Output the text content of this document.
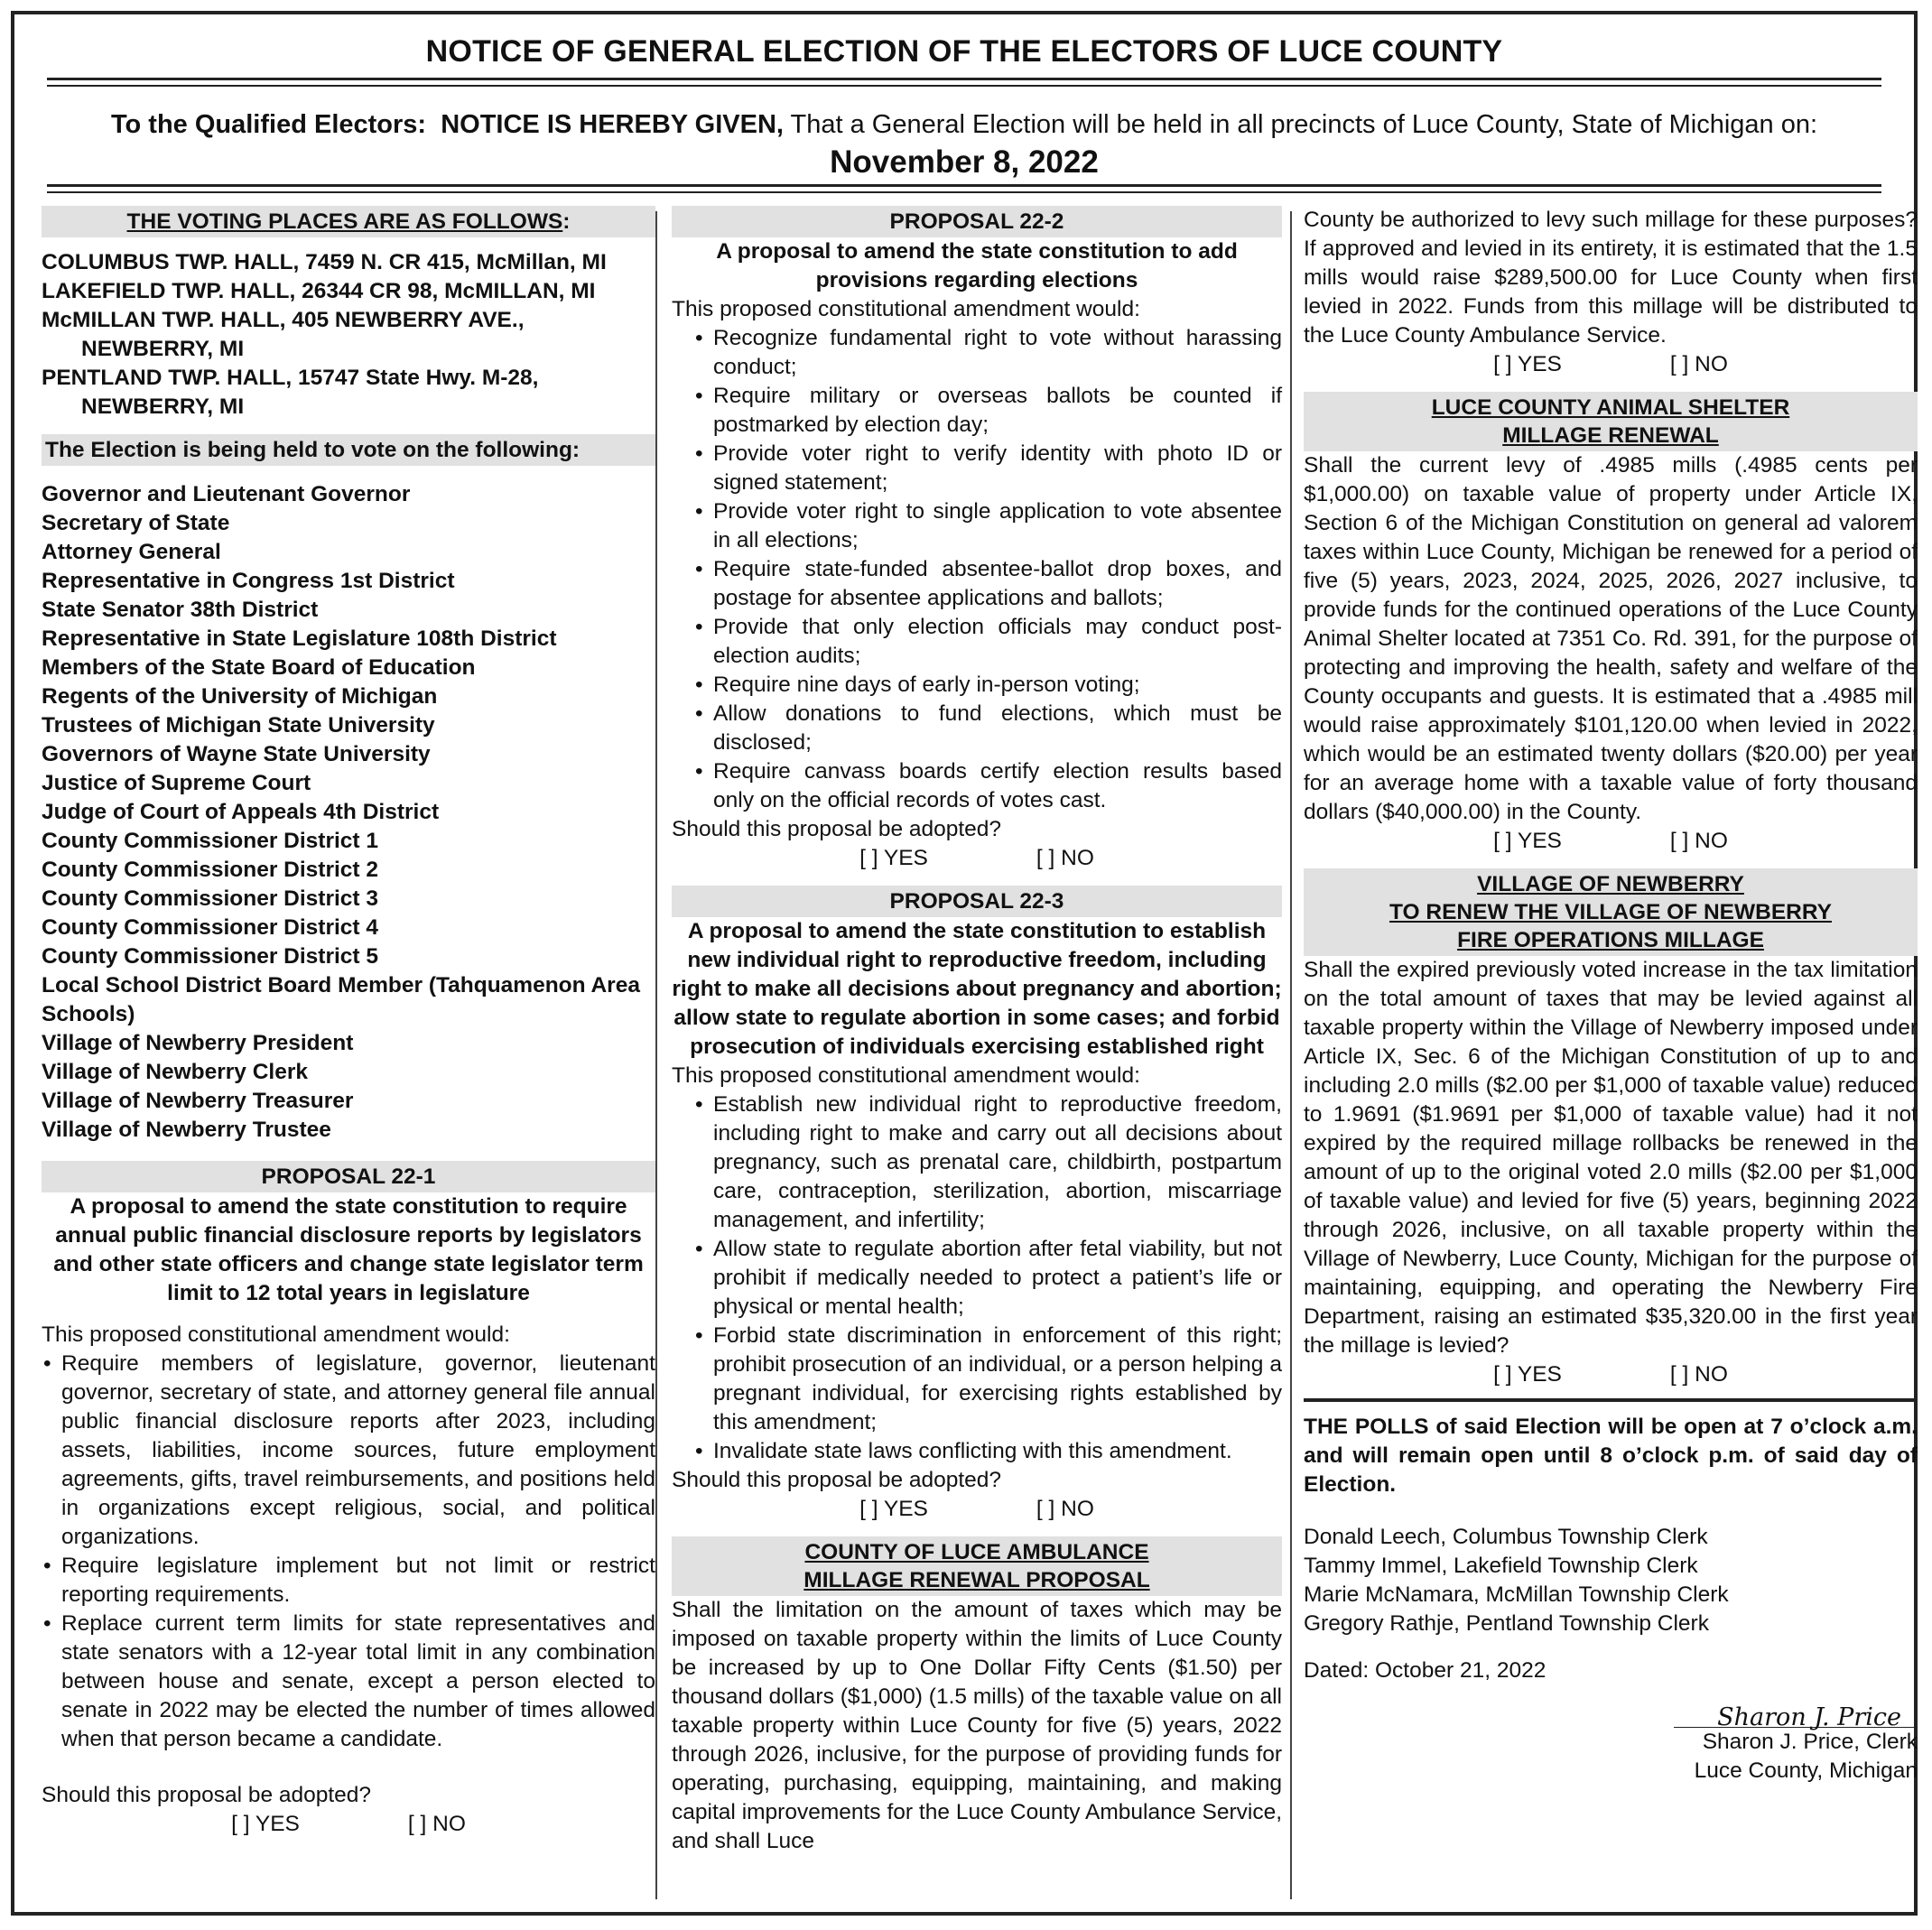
NOTICE OF GENERAL ELECTION OF THE ELECTORS OF LUCE COUNTY
To the Qualified Electors: NOTICE IS HEREBY GIVEN, That a General Election will be held in all precincts of Luce County, State of Michigan on:
November 8, 2022
THE VOTING PLACES ARE AS FOLLOWS:
COLUMBUS TWP. HALL, 7459 N. CR 415, McMillan, MI
LAKEFIELD TWP. HALL, 26344 CR 98, McMILLAN, MI
McMILLAN TWP. HALL, 405 NEWBERRY AVE.,
NEWBERRY, MI
PENTLAND TWP. HALL, 15747 State Hwy. M-28,
NEWBERRY, MI
The Election is being held to vote on the following:
Governor and Lieutenant Governor
Secretary of State
Attorney General
Representative in Congress 1st District
State Senator 38th District
Representative in State Legislature 108th District
Members of the State Board of Education
Regents of the University of Michigan
Trustees of Michigan State University
Governors of Wayne State University
Justice of Supreme Court
Judge of Court of Appeals 4th District
County Commissioner District 1
County Commissioner District 2
County Commissioner District 3
County Commissioner District 4
County Commissioner District 5
Local School District Board Member (Tahquamenon Area Schools)
Village of Newberry President
Village of Newberry Clerk
Village of Newberry Treasurer
Village of Newberry Trustee
PROPOSAL 22-1
A proposal to amend the state constitution to require annual public financial disclosure reports by legislators and other state officers and change state legislator term limit to 12 total years in legislature
This proposed constitutional amendment would:
• Require members of legislature, governor, lieutenant governor, secretary of state, and attorney general file annual public financial disclosure reports after 2023, including assets, liabilities, income sources, future employment agreements, gifts, travel reimbursements, and positions held in organizations except religious, social, and political organizations.
• Require legislature implement but not limit or restrict reporting requirements.
• Replace current term limits for state representatives and state senators with a 12-year total limit in any combination between house and senate, except a person elected to senate in 2022 may be elected the number of times allowed when that person became a candidate.
Should this proposal be adopted?
[ ] YES	[ ] NO
PROPOSAL 22-2
A proposal to amend the state constitution to add provisions regarding elections
This proposed constitutional amendment would:
• Recognize fundamental right to vote without harassing conduct;
• Require military or overseas ballots be counted if postmarked by election day;
• Provide voter right to verify identity with photo ID or signed statement;
• Provide voter right to single application to vote absentee in all elections;
• Require state-funded absentee-ballot drop boxes, and postage for absentee applications and ballots;
• Provide that only election officials may conduct post-election audits;
• Require nine days of early in-person voting;
• Allow donations to fund elections, which must be disclosed;
• Require canvass boards certify election results based only on the official records of votes cast.
Should this proposal be adopted?
[ ] YES	[ ] NO
PROPOSAL 22-3
A proposal to amend the state constitution to establish new individual right to reproductive freedom, including right to make all decisions about pregnancy and abortion; allow state to regulate abortion in some cases; and forbid prosecution of individuals exercising established right
This proposed constitutional amendment would:
• Establish new individual right to reproductive freedom, including right to make and carry out all decisions about pregnancy, such as prenatal care, childbirth, postpartum care, contraception, sterilization, abortion, miscarriage management, and infertility;
• Allow state to regulate abortion after fetal viability, but not prohibit if medically needed to protect a patient’s life or physical or mental health;
• Forbid state discrimination in enforcement of this right; prohibit prosecution of an individual, or a person helping a pregnant individual, for exercising rights established by this amendment;
• Invalidate state laws conflicting with this amendment.
Should this proposal be adopted?
[ ] YES	[ ] NO
COUNTY OF LUCE AMBULANCE
MILLAGE RENEWAL PROPOSAL
Shall the limitation on the amount of taxes which may be imposed on taxable property within the limits of Luce County be increased by up to One Dollar Fifty Cents ($1.50) per thousand dollars ($1,000) (1.5 mills) of the taxable value on all taxable property within Luce County for five (5) years, 2022 through 2026, inclusive, for the purpose of providing funds for operating, purchasing, equipping, maintaining, and making capital improvements for the Luce County Ambulance Service, and shall Luce
County be authorized to levy such millage for these purposes? If approved and levied in its entirety, it is estimated that the 1.5 mills would raise $289,500.00 for Luce County when first levied in 2022. Funds from this millage will be distributed to the Luce County Ambulance Service.
[ ] YES	[ ] NO
LUCE COUNTY ANIMAL SHELTER
MILLAGE RENEWAL
Shall the current levy of .4985 mills (.4985 cents per $1,000.00) on taxable value of property under Article IX, Section 6 of the Michigan Constitution on general ad valorem taxes within Luce County, Michigan be renewed for a period of five (5) years, 2023, 2024, 2025, 2026, 2027 inclusive, to provide funds for the continued operations of the Luce County Animal Shelter located at 7351 Co. Rd. 391, for the purpose of protecting and improving the health, safety and welfare of the County occupants and guests. It is estimated that a .4985 mill would raise approximately $101,120.00 when levied in 2022, which would be an estimated twenty dollars ($20.00) per year for an average home with a taxable value of forty thousand dollars ($40,000.00) in the County.
[ ] YES	[ ] NO
VILLAGE OF NEWBERRY
TO RENEW THE VILLAGE OF NEWBERRY
FIRE OPERATIONS MILLAGE
Shall the expired previously voted increase in the tax limitation on the total amount of taxes that may be levied against all taxable property within the Village of Newberry imposed under Article IX, Sec. 6 of the Michigan Constitution of up to and including 2.0 mills ($2.00 per $1,000 of taxable value) reduced to 1.9691 ($1.9691 per $1,000 of taxable value) had it not expired by the required millage rollbacks be renewed in the amount of up to the original voted 2.0 mills ($2.00 per $1,000 of taxable value) and levied for five (5) years, beginning 2022 through 2026, inclusive, on all taxable property within the Village of Newberry, Luce County, Michigan for the purpose of maintaining, equipping, and operating the Newberry Fire Department, raising an estimated $35,320.00 in the first year the millage is levied?
[ ] YES	[ ] NO
THE POLLS of said Election will be open at 7 o’clock a.m. and will remain open until 8 o’clock p.m. of said day of Election.
Donald Leech, Columbus Township Clerk
Tammy Immel, Lakefield Township Clerk
Marie McNamara, McMillan Township Clerk
Gregory Rathje, Pentland Township Clerk
Dated: October 21, 2022
Sharon J. Price
Sharon J. Price, Clerk
Luce County, Michigan
